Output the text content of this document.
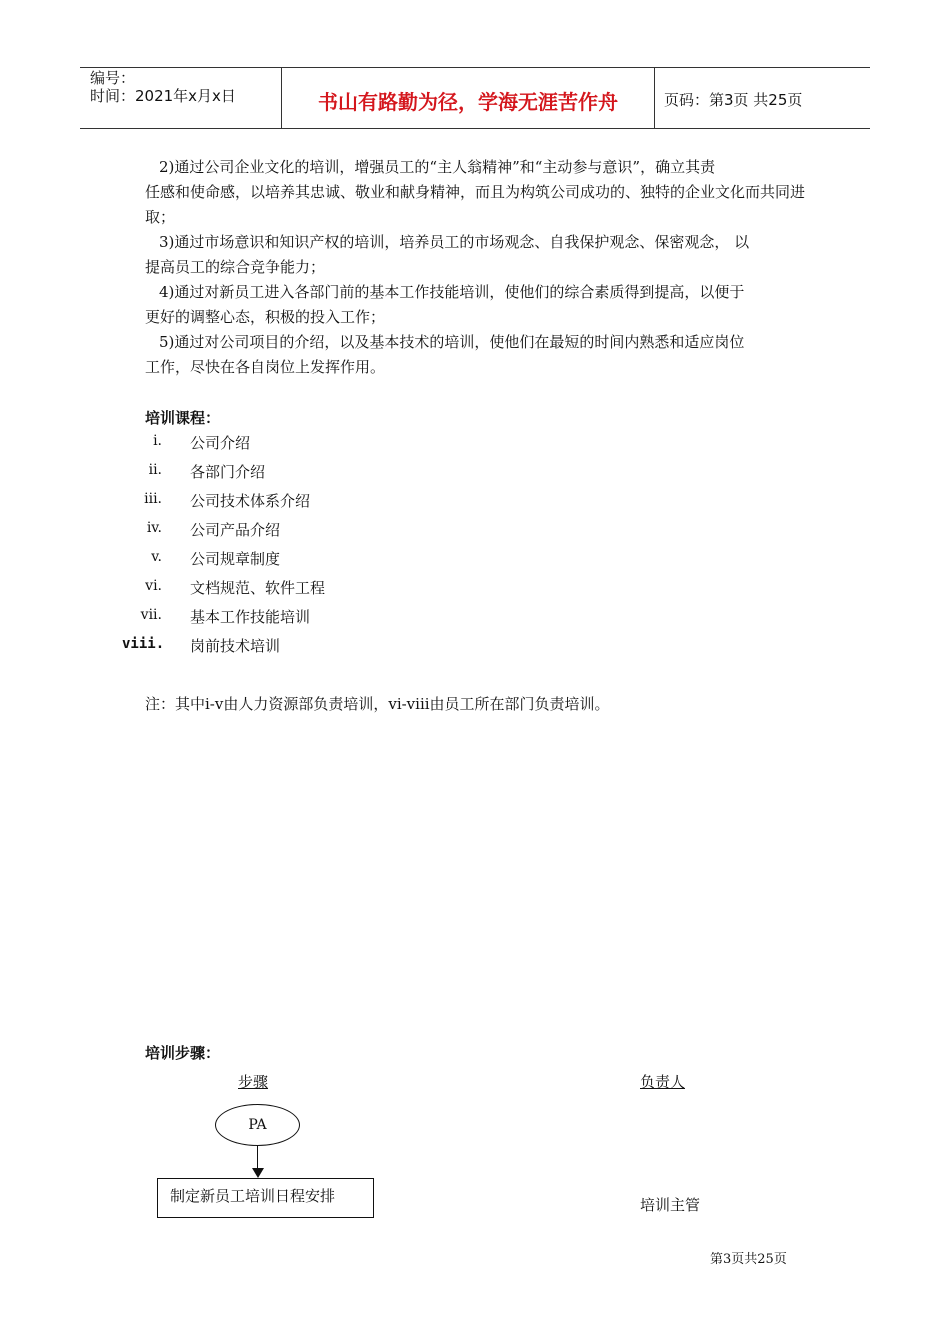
编号：
时间：2021年x月x日	书山有路勤为径，学海无涯苦作舟	页码：第3页 共25页
2)通过公司企业文化的培训，增强员工的“主人翁精神”和“主动参与意识”，确立其责
任感和使命感，以培养其忠诚、敬业和献身精神，而且为构筑公司成功的、独特的企业文化而共同进取；
3)通过市场意识和知识产权的培训，培养员工的市场观念、自我保护观念、保密观念， 以
提高员工的综合竞争能力；
4)通过对新员工进入各部门前的基本工作技能培训，使他们的综合素质得到提高，以便于
更好的调整心态，积极的投入工作；
5)通过对公司项目的介绍，以及基本技术的培训，使他们在最短的时间内熟悉和适应岗位
工作，尽快在各自岗位上发挥作用。
培训课程：
i. 公司介绍
ii. 各部门介绍
iii. 公司技术体系介绍
iv. 公司产品介绍
v. 公司规章制度
vi. 文档规范、软件工程
vii. 基本工作技能培训
viii. 岗前技术培训
注：其中i-v由人力资源部负责培训，vi-viii由员工所在部门负责培训。
培训步骤：
步骤	负责人
PA
制定新员工培训日程安排	培训主管
第3页共25页
